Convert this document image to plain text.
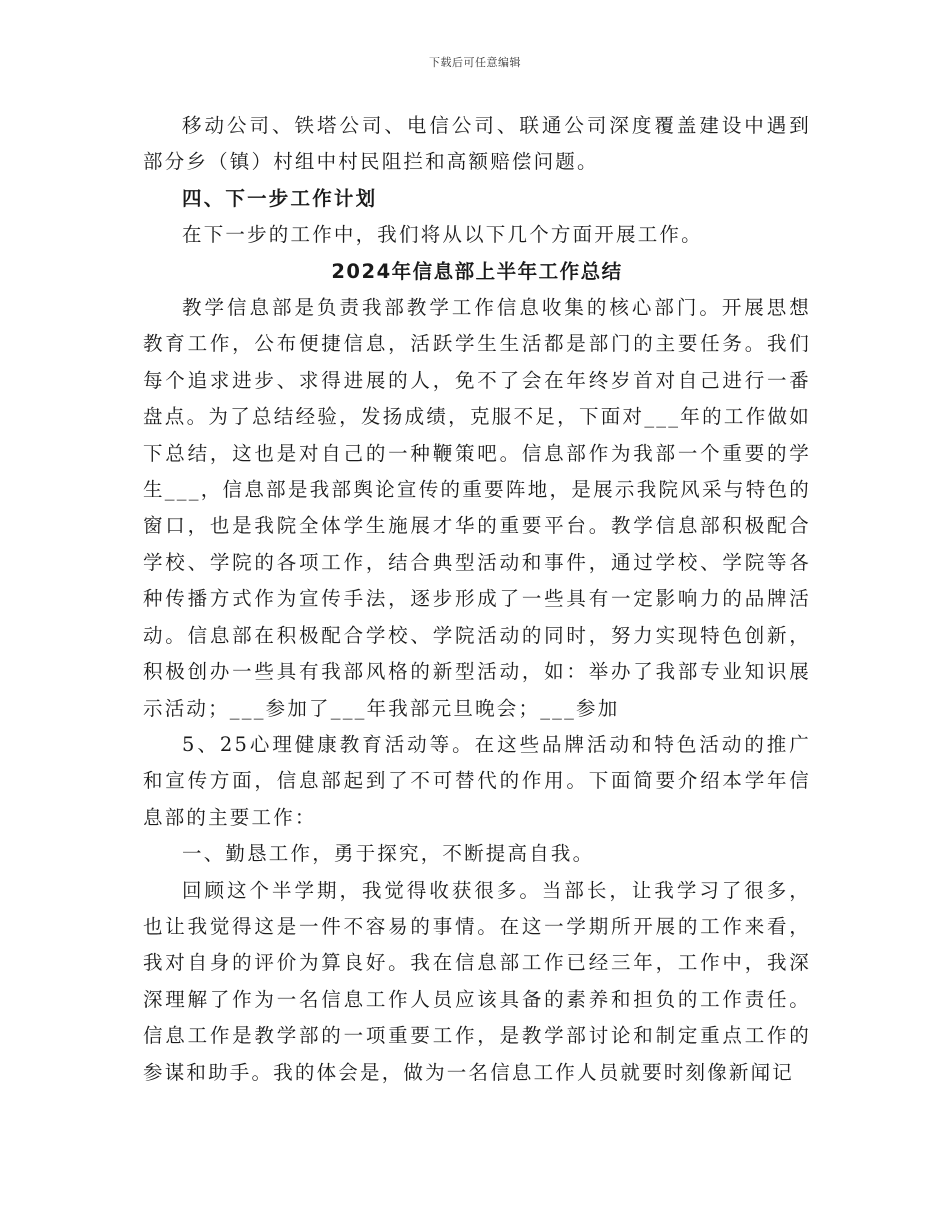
下载后可任意编辑

移动公司、铁塔公司、电信公司、联通公司深度覆盖建设中遇到部分乡（镇）村组中村民阻拦和高额赔偿问题。

四、下一步工作计划

在下一步的工作中，我们将从以下几个方面开展工作。

2024年信息部上半年工作总结

教学信息部是负责我部教学工作信息收集的核心部门。开展思想教育工作，公布便捷信息，活跃学生生活都是部门的主要任务。我们每个追求进步、求得进展的人，免不了会在年终岁首对自己进行一番盘点。为了总结经验，发扬成绩，克服不足，下面对___年的工作做如下总结，这也是对自己的一种鞭策吧。信息部作为我部一个重要的学生___，信息部是我部舆论宣传的重要阵地，是展示我院风采与特色的窗口，也是我院全体学生施展才华的重要平台。教学信息部积极配合学校、学院的各项工作，结合典型活动和事件，通过学校、学院等各种传播方式作为宣传手法，逐步形成了一些具有一定影响力的品牌活动。信息部在积极配合学校、学院活动的同时，努力实现特色创新，积极创办一些具有我部风格的新型活动，如：举办了我部专业知识展示活动；___参加了___年我部元旦晚会；___参加

5、25心理健康教育活动等。在这些品牌活动和特色活动的推广和宣传方面，信息部起到了不可替代的作用。下面简要介绍本学年信息部的主要工作：

一、勤恳工作，勇于探究，不断提高自我。

回顾这个半学期，我觉得收获很多。当部长，让我学习了很多，也让我觉得这是一件不容易的事情。在这一学期所开展的工作来看，我对自身的评价为算良好。我在信息部工作已经三年，工作中，我深深理解了作为一名信息工作人员应该具备的素养和担负的工作责任。信息工作是教学部的一项重要工作，是教学部讨论和制定重点工作的参谋和助手。我的体会是，做为一名信息工作人员就要时刻像新闻记
